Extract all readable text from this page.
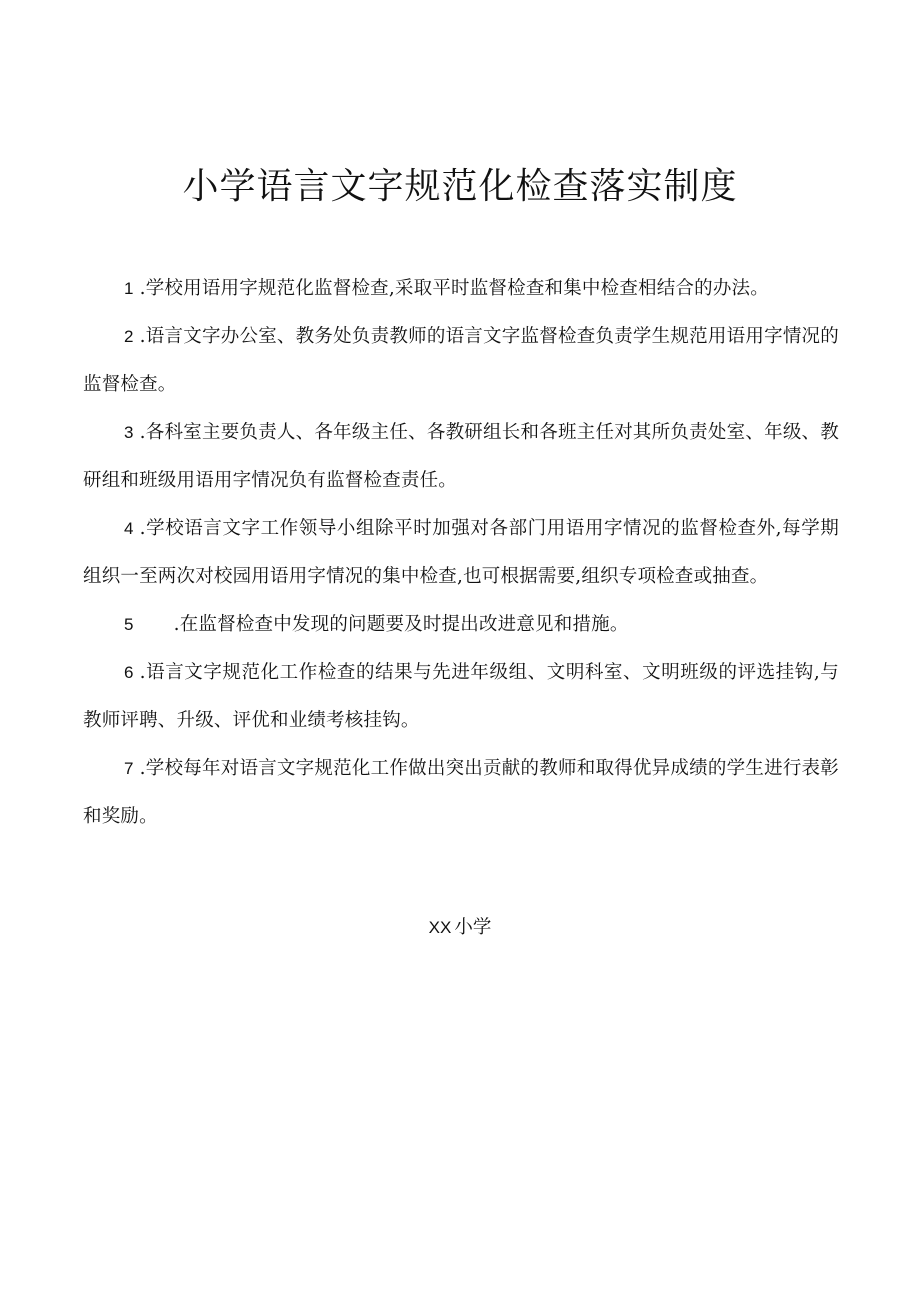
小学语言文字规范化检查落实制度

1 .学校用语用字规范化监督检查,采取平时监督检查和集中检查相结合的办法。

2 .语言文字办公室、教务处负责教师的语言文字监督检查负责学生规范用语用字情况的监督检查。

3 .各科室主要负责人、各年级主任、各教研组长和各班主任对其所负责处室、年级、教研组和班级用语用字情况负有监督检查责任。

4 .学校语言文字工作领导小组除平时加强对各部门用语用字情况的监督检查外,每学期组织一至两次对校园用语用字情况的集中检查,也可根据需要,组织专项检查或抽查。

5 .在监督检查中发现的问题要及时提出改进意见和措施。

6 .语言文字规范化工作检查的结果与先进年级组、文明科室、文明班级的评选挂钩,与教师评聘、升级、评优和业绩考核挂钩。

7 .学校每年对语言文字规范化工作做出突出贡献的教师和取得优异成绩的学生进行表彰和奖励。

XX 小学
